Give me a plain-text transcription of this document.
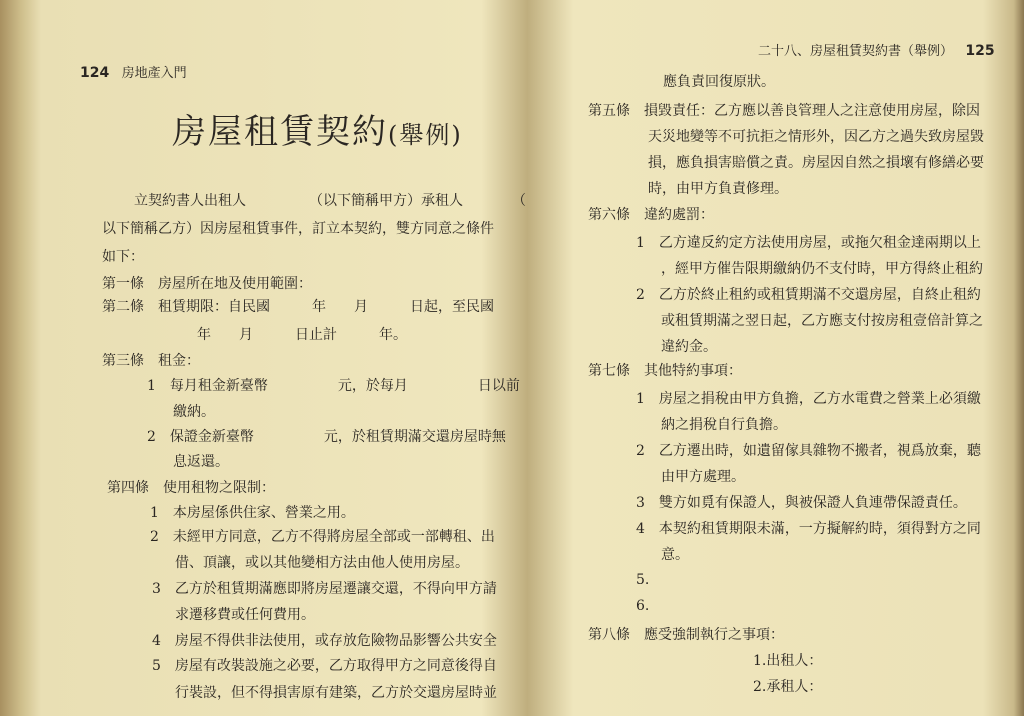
124 房地產入門
房屋租賃契約(舉例)
立契約書人出租人　　　　　（以下簡稱甲方）承租人　　　　（
以下簡稱乙方）因房屋租賃事件，訂立本契約，雙方同意之條件
如下：
第一條　房屋所在地及使用範圍：
第二條　租賃期限：自民國　　　年　　月　　　日起，至民國
年　　月　　　日止計　　　年。
第三條　租金：
1　每月租金新臺幣　　　　　元，於每月　　　　　日以前
繳納。
2　保證金新臺幣　　　　　元，於租賃期滿交還房屋時無
息返還。
第四條　使用租物之限制：
1　本房屋係供住家、營業之用。
2　未經甲方同意，乙方不得將房屋全部或一部轉租、出
借、頂讓，或以其他變相方法由他人使用房屋。
3　乙方於租賃期滿應即將房屋遷讓交還，不得向甲方請
求遷移費或任何費用。
4　房屋不得供非法使用，或存放危險物品影響公共安全
5　房屋有改裝設施之必要，乙方取得甲方之同意後得自
行裝設，但不得損害原有建築，乙方於交還房屋時並
二十八、房屋租賃契約書（舉例） 125
應負責回復原狀。
第五條　損毀責任：乙方應以善良管理人之注意使用房屋，除因
天災地變等不可抗拒之情形外，因乙方之過失致房屋毀
損，應負損害賠償之責。房屋因自然之損壞有修繕必要
時，由甲方負責修理。
第六條　違約處罰：
1　乙方違反約定方法使用房屋，或拖欠租金達兩期以上
，經甲方催告限期繳納仍不支付時，甲方得終止租約
2　乙方於終止租約或租賃期滿不交還房屋，自終止租約
或租賃期滿之翌日起，乙方應支付按房租壹倍計算之
違約金。
第七條　其他特約事項：
1　房屋之捐稅由甲方負擔，乙方水電費之營業上必須繳
納之捐稅自行負擔。
2　乙方遷出時，如遺留傢具雜物不搬者，視爲放棄，聽
由甲方處理。
3　雙方如覓有保證人，與被保證人負連帶保證責任。
4　本契約租賃期限未滿，一方擬解約時，須得對方之同
意。
5.
6.
第八條　應受強制執行之事項：
1.出租人：
2.承租人：
